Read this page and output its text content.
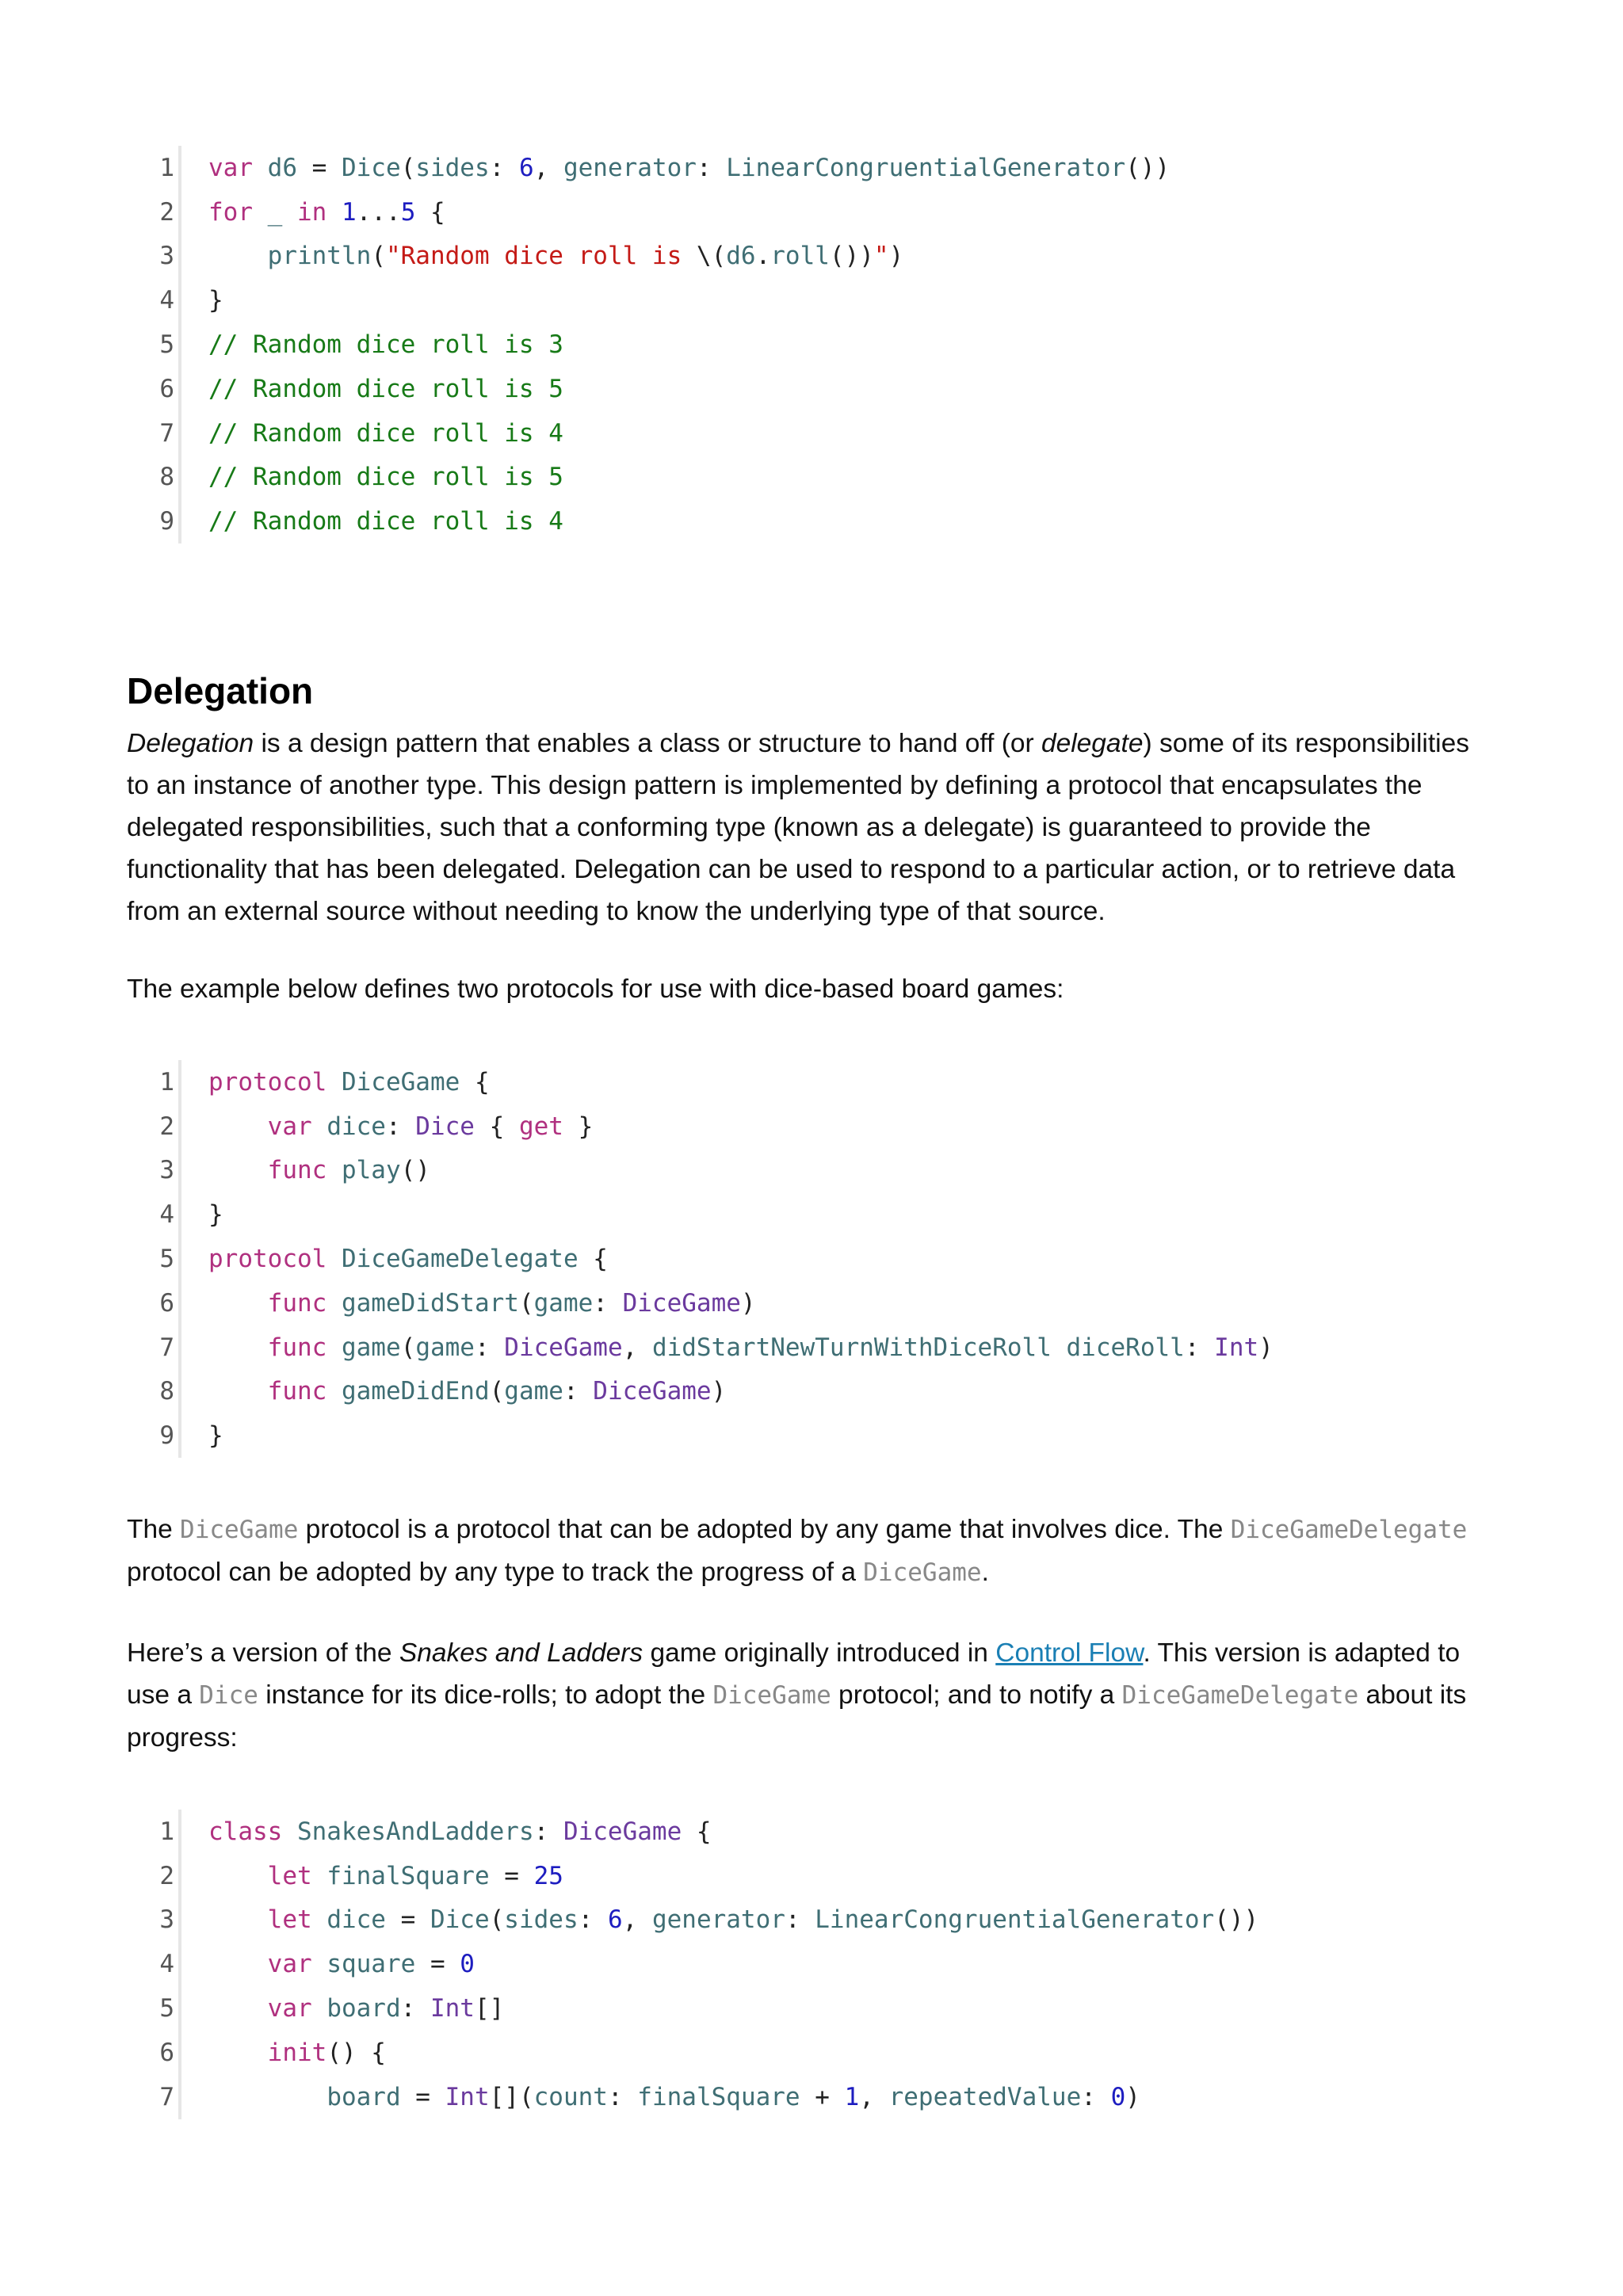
1 var d6 = Dice(sides: 6, generator: LinearCongruentialGenerator())
2 for _ in 1...5 {
3	println("Random dice roll is \(d6.roll())")
4 }
5 // Random dice roll is 3
6 // Random dice roll is 5
7 // Random dice roll is 4
8 // Random dice roll is 5
9 // Random dice roll is 4
Delegation

Delegation is a design pattern that enables a class or structure to hand off (or delegate) some of its responsibilities to an instance of another type. This design pattern is implemented by defining a protocol that encapsulates the delegated responsibilities, such that a conforming type (known as a delegate) is guaranteed to provide the functionality that has been delegated. Delegation can be used to respond to a particular action, or to retrieve data from an external source without needing to know the underlying type of that source.

The example below defines two protocols for use with dice-based board games:

1 protocol DiceGame {
2	var dice: Dice { get }
3	func play()
4 }
5 protocol DiceGameDelegate {
6	func gameDidStart(game: DiceGame)
7	func game(game: DiceGame, didStartNewTurnWithDiceRoll diceRoll: Int)
8	func gameDidEnd(game: DiceGame)
9 }

The DiceGame protocol is a protocol that can be adopted by any game that involves dice. The DiceGameDelegate protocol can be adopted by any type to track the progress of a DiceGame.

Here’s a version of the Snakes and Ladders game originally introduced in Control Flow. This version is adapted to use a Dice instance for its dice-rolls; to adopt the DiceGame protocol; and to notify a DiceGameDelegate about its progress:

1 class SnakesAndLadders: DiceGame {
2	let finalSquare = 25
3	let dice = Dice(sides: 6, generator: LinearCongruentialGenerator())
4	var square = 0
5	var board: Int[]
6	init() {
7	board = Int[](count: finalSquare + 1, repeatedValue: 0)
